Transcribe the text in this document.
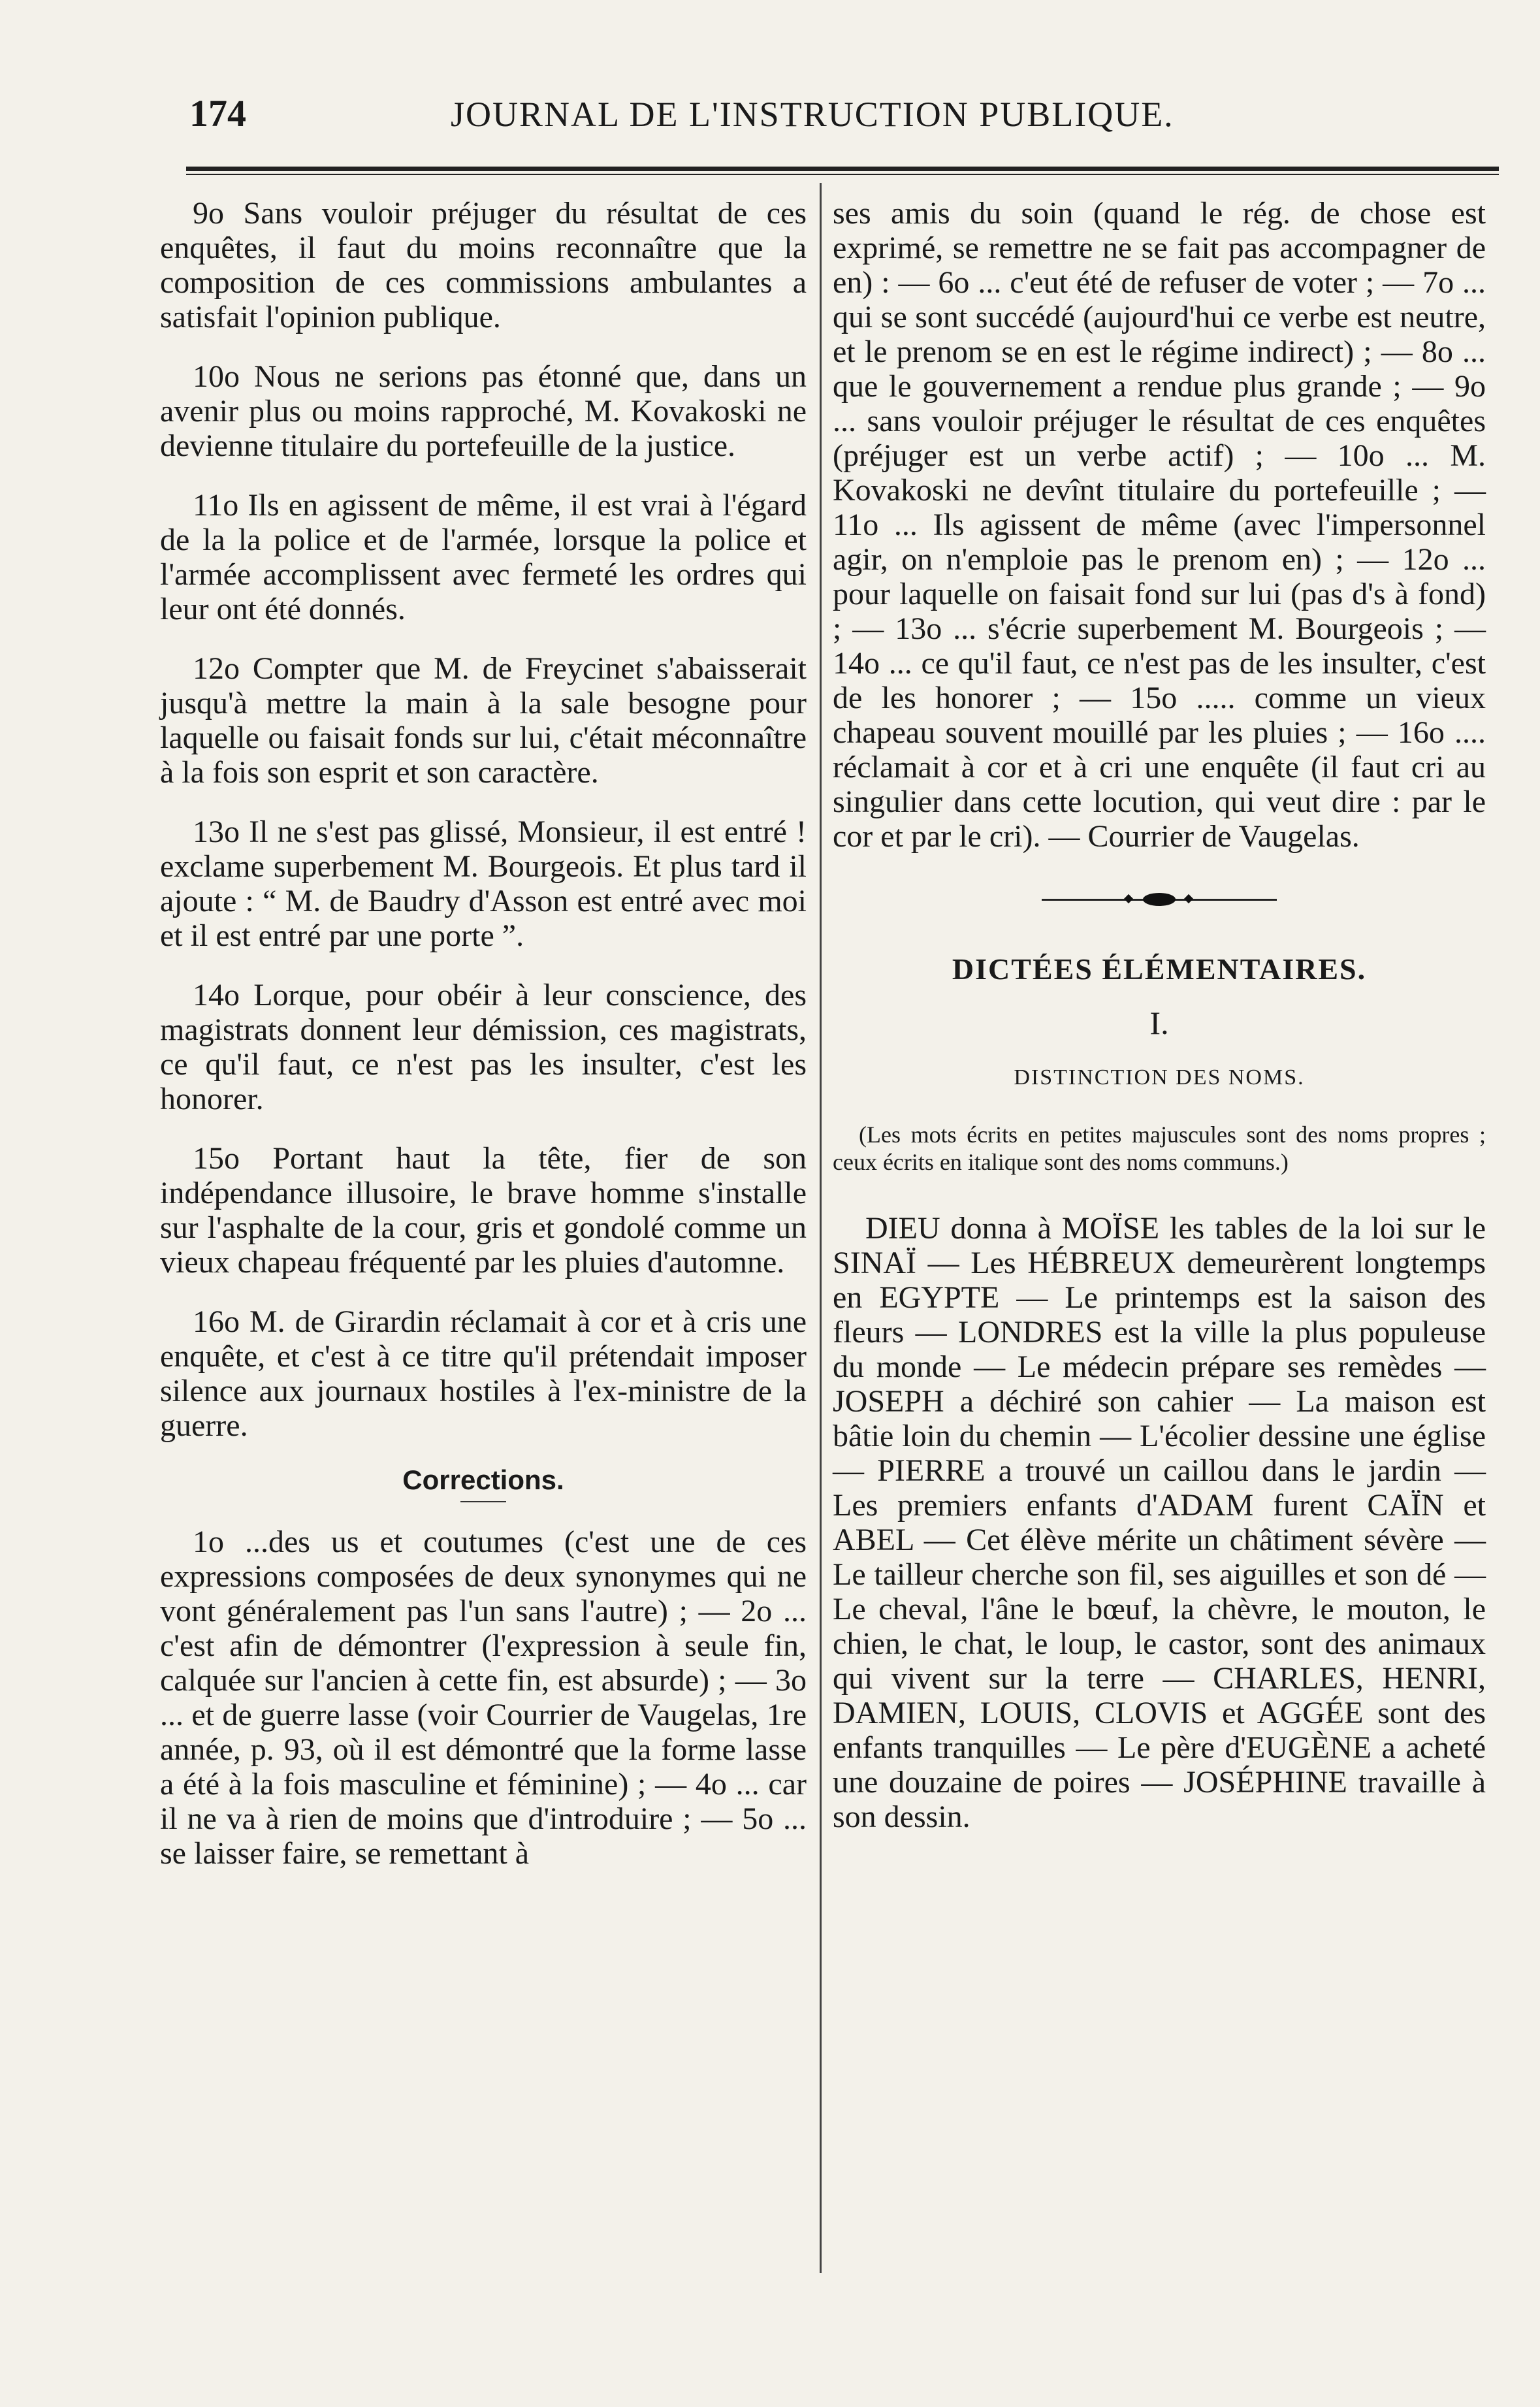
174	JOURNAL DE L'INSTRUCTION PUBLIQUE.

9o Sans vouloir préjuger du résultat de ces enquêtes, il faut du moins reconnaître que la composition de ces commissions ambulantes a satisfait l'opinion publique.

10o Nous ne serions pas étonné que, dans un avenir plus ou moins rapproché, M. Kovakoski ne devienne titulaire du portefeuille de la justice.

11o Ils en agissent de même, il est vrai à l'égard de la la police et de l'armée, lorsque la police et l'armée accomplissent avec fermeté les ordres qui leur ont été donnés.

12o Compter que M. de Freycinet s'abaisserait jusqu'à mettre la main à la sale besogne pour laquelle ou faisait fonds sur lui, c'était méconnaître à la fois son esprit et son caractère.

13o Il ne s'est pas glissé, Monsieur, il est entré ! exclame superbement M. Bourgeois. Et plus tard il ajoute : “ M. de Baudry d'Asson est entré avec moi et il est entré par une porte ”.

14o Lorque, pour obéir à leur conscience, des magistrats donnent leur démission, ces magistrats, ce qu'il faut, ce n'est pas les insulter, c'est les honorer.

15o Portant haut la tête, fier de son indépendance illusoire, le brave homme s'installe sur l'asphalte de la cour, gris et gondolé comme un vieux chapeau fréquenté par les pluies d'automne.

16o M. de Girardin réclamait à cor et à cris une enquête, et c'est à ce titre qu'il prétendait imposer silence aux journaux hostiles à l'ex-ministre de la guerre.

Corrections.

1o ...des us et coutumes (c'est une de ces expressions composées de deux synonymes qui ne vont généralement pas l'un sans l'autre) ; — 2o ... c'est afin de démontrer (l'expression à seule fin, calquée sur l'ancien à cette fin, est absurde) ; — 3o ... et de guerre lasse (voir Courrier de Vaugelas, 1re année, p. 93, où il est démontré que la forme lasse a été à la fois masculine et féminine) ; — 4o ... car il ne va à rien de moins que d'introduire ; — 5o ... se laisser faire, se remettant à

ses amis du soin (quand le rég. de chose est exprimé, se remettre ne se fait pas accompagner de en) : — 6o ... c'eut été de refuser de voter ; — 7o ... qui se sont succédé (aujourd'hui ce verbe est neutre, et le prenom se en est le régime indirect) ; — 8o ... que le gouvernement a rendue plus grande ; — 9o ... sans vouloir préjuger le résultat de ces enquêtes (préjuger est un verbe actif) ; — 10o ... M. Kovakoski ne devînt titulaire du portefeuille ; — 11o ... Ils agissent de même (avec l'impersonnel agir, on n'emploie pas le prenom en) ; — 12o ... pour laquelle on faisait fond sur lui (pas d's à fond) ; — 13o ... s'écrie superbement M. Bourgeois ; — 14o ... ce qu'il faut, ce n'est pas de les insulter, c'est de les honorer ; — 15o ..... comme un vieux chapeau souvent mouillé par les pluies ; — 16o .... réclamait à cor et à cri une enquête (il faut cri au singulier dans cette locution, qui veut dire : par le cor et par le cri). — Courrier de Vaugelas.

DICTÉES ÉLÉMENTAIRES.
I.
DISTINCTION DES NOMS.

(Les mots écrits en petites majuscules sont des noms propres ; ceux écrits en italique sont des noms communs.)

DIEU donna à MOÏSE les tables de la loi sur le SINAÏ — Les HÉBREUX demeurèrent longtemps en EGYPTE — Le printemps est la saison des fleurs — LONDRES est la ville la plus populeuse du monde — Le médecin prépare ses remèdes — JOSEPH a déchiré son cahier — La maison est bâtie loin du chemin — L'écolier dessine une église — PIERRE a trouvé un caillou dans le jardin — Les premiers enfants d'ADAM furent CAÏN et ABEL — Cet élève mérite un châtiment sévère — Le tailleur cherche son fil, ses aiguilles et son dé — Le cheval, l'âne le bœuf, la chèvre, le mouton, le chien, le chat, le loup, le castor, sont des animaux qui vivent sur la terre — CHARLES, HENRI, DAMIEN, LOUIS, CLOVIS et AGGÉE sont des enfants tranquilles — Le père d'EUGÈNE a acheté une douzaine de poires — JOSÉPHINE travaille à son dessin.
